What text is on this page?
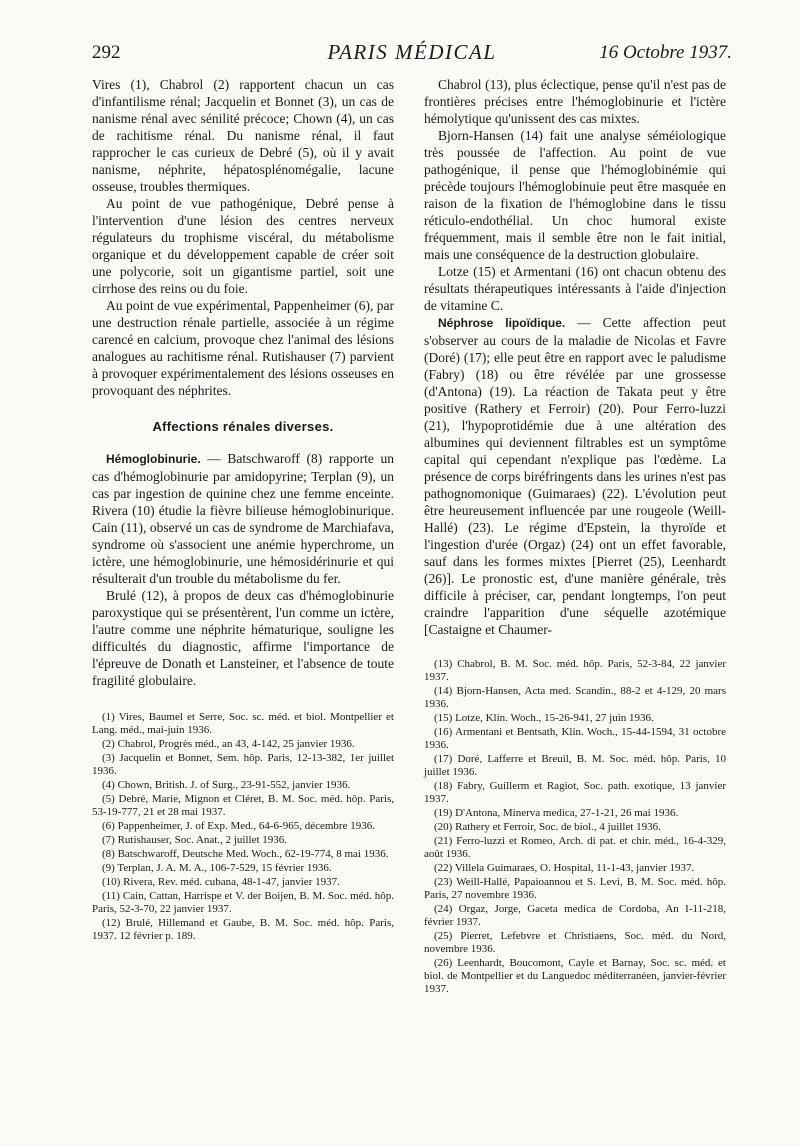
292	PARIS MÉDICAL	16 Octobre 1937.

Vires (1), Chabrol (2) rapportent chacun un cas d'infantilisme rénal; Jacquelin et Bonnet (3), un cas de nanisme rénal avec sénilité précoce; Chown (4), un cas de rachitisme rénal. Du nanisme rénal, il faut rapprocher le cas curieux de Debré (5), où il y avait nanisme, néphrite, hépatosplénomégalie, lacune osseuse, troubles thermiques.

Au point de vue pathogénique, Debré pense à l'intervention d'une lésion des centres nerveux régulateurs du trophisme viscéral, du métabolisme organique et du développement capable de créer soit une polycorie, soit un gigantisme partiel, soit une cirrhose des reins ou du foie.

Au point de vue expérimental, Pappenheimer (6), par une destruction rénale partielle, associée à un régime carencé en calcium, provoque chez l'animal des lésions analogues au rachitisme rénal. Rutishauser (7) parvient à provoquer expérimentalement des lésions osseuses en provoquant des néphrites.

Affections rénales diverses.

Hémoglobinurie. — Batschwaroff (8) rapporte un cas d'hémoglobinurie par amidopyrine; Terplan (9), un cas par ingestion de quinine chez une femme enceinte. Rivera (10) étudie la fièvre bilieuse hémoglobinurique. Cain (11), observé un cas de syndrome de Marchiafava, syndrome où s'associent une anémie hyperchrome, un ictère, une hémoglobinurie, une hémosidérinurie et qui résulterait d'un trouble du métabolisme du fer.

Brulé (12), à propos de deux cas d'hémoglobinurie paroxystique qui se présentèrent, l'un comme un ictère, l'autre comme une néphrite hématurique, souligne les difficultés du diagnostic, affirme l'importance de l'épreuve de Donath et Lansteiner, et l'absence de toute fragilité globulaire.

(1) Vires, Baumel et Serre, Soc. sc. méd. et biol. Montpellier et Lang. méd., mai-juin 1936.

(2) Chabrol, Progrès méd., an 43, 4-142, 25 janvier 1936.

(3) Jacquelin et Bonnet, Sem. hôp. Paris, 12-13-382, 1er juillet 1936.

(4) Chown, British. J. of Surg., 23-91-552, janvier 1936.

(5) Debré, Marie, Mignon et Cléret, B. M. Soc. méd. hôp. Paris, 53-19-777, 21 et 28 mai 1937.

(6) Pappenheimer, J. of Exp. Med., 64-6-965, décembre 1936.

(7) Rutishauser, Soc. Anat., 2 juillet 1936.

(8) Batschwaroff, Deutsche Med. Woch., 62-19-774, 8 mai 1936.

(9) Terplan, J. A. M. A., 106-7-529, 15 février 1936.

(10) Rivera, Rev. méd. cubana, 48-1-47, janvier 1937.

(11) Cain, Cattan, Harrispe et V. der Boijen, B. M. Soc. méd. hôp. Paris, 52-3-70, 22 janvier 1937.

(12) Brulé, Hillemand et Gaube, B. M. Soc. méd. hôp. Paris, 1937. 12 février p. 189.

Chabrol (13), plus éclectique, pense qu'il n'est pas de frontières précises entre l'hémoglobinurie et l'ictère hémolytique qu'unissent des cas mixtes.

Bjorn-Hansen (14) fait une analyse séméiologique très poussée de l'affection. Au point de vue pathogénique, il pense que l'hémoglobinémie qui précède toujours l'hémoglobinuie peut être masquée en raison de la fixation de l'hémoglobine dans le tissu réticulo-endothélial. Un choc humoral existe fréquemment, mais il semble être non le fait initial, mais une conséquence de la destruction globulaire.

Lotze (15) et Armentani (16) ont chacun obtenu des résultats thérapeutiques intéressants à l'aide d'injection de vitamine C.

Néphrose lipoïdique. — Cette affection peut s'observer au cours de la maladie de Nicolas et Favre (Doré) (17); elle peut être en rapport avec le paludisme (Fabry) (18) ou être révélée par une grossesse (d'Antona) (19). La réaction de Takata peut y être positive (Rathery et Ferroir) (20). Pour Ferro-luzzi (21), l'hypoprotidémie due à une altération des albumines qui deviennent filtrables est un symptôme capital qui cependant n'explique pas l'œdème. La présence de corps biréfringents dans les urines n'est pas pathognomonique (Guimaraes) (22). L'évolution peut être heureusement influencée par une rougeole (Weill-Hallé) (23). Le régime d'Epstein, la thyroïde et l'ingestion d'urée (Orgaz) (24) ont un effet favorable, sauf dans les formes mixtes [Pierret (25), Leenhardt (26)]. Le pronostic est, d'une manière générale, très difficile à préciser, car, pendant longtemps, l'on peut craindre l'apparition d'une séquelle azotémique [Castaigne et Chaumer-

(13) Chabrol, B. M. Soc. méd. hôp. Paris, 52-3-84, 22 janvier 1937.

(14) Bjorn-Hansen, Acta med. Scandin., 88-2 et 4-129, 20 mars 1936.

(15) Lotze, Klin. Woch., 15-26-941, 27 juin 1936.

(16) Armentani et Bentsath, Klin. Woch., 15-44-1594, 31 octobre 1936.

(17) Doré, Lafferre et Breuil, B. M. Soc. méd. hôp. Paris, 10 juillet 1936.

(18) Fabry, Guillerm et Ragiot, Soc. path. exotique, 13 janvier 1937.

(19) D'Antona, Minerva medica, 27-1-21, 26 mai 1936.

(20) Rathery et Ferroir, Soc. de biol., 4 juillet 1936.

(21) Ferro-luzzi et Romeo, Arch. di pat. et chir. méd., 16-4-329, août 1936.

(22) Villela Guimaraes, O. Hospital, 11-1-43, janvier 1937.

(23) Weill-Hallé, Papaioannou et S. Levi, B. M. Soc. méd. hôp. Paris, 27 novembre 1936.

(24) Orgaz, Jorge, Gaceta medica de Cordoba, An I-11-218, février 1937.

(25) Pierret, Lefebvre et Christiaens, Soc. méd. du Nord, novembre 1936.

(26) Leenhardt, Boucomont, Cayle et Barnay, Soc. sc. méd. et biol. de Montpellier et du Languedoc méditerranéen, janvier-février 1937.
